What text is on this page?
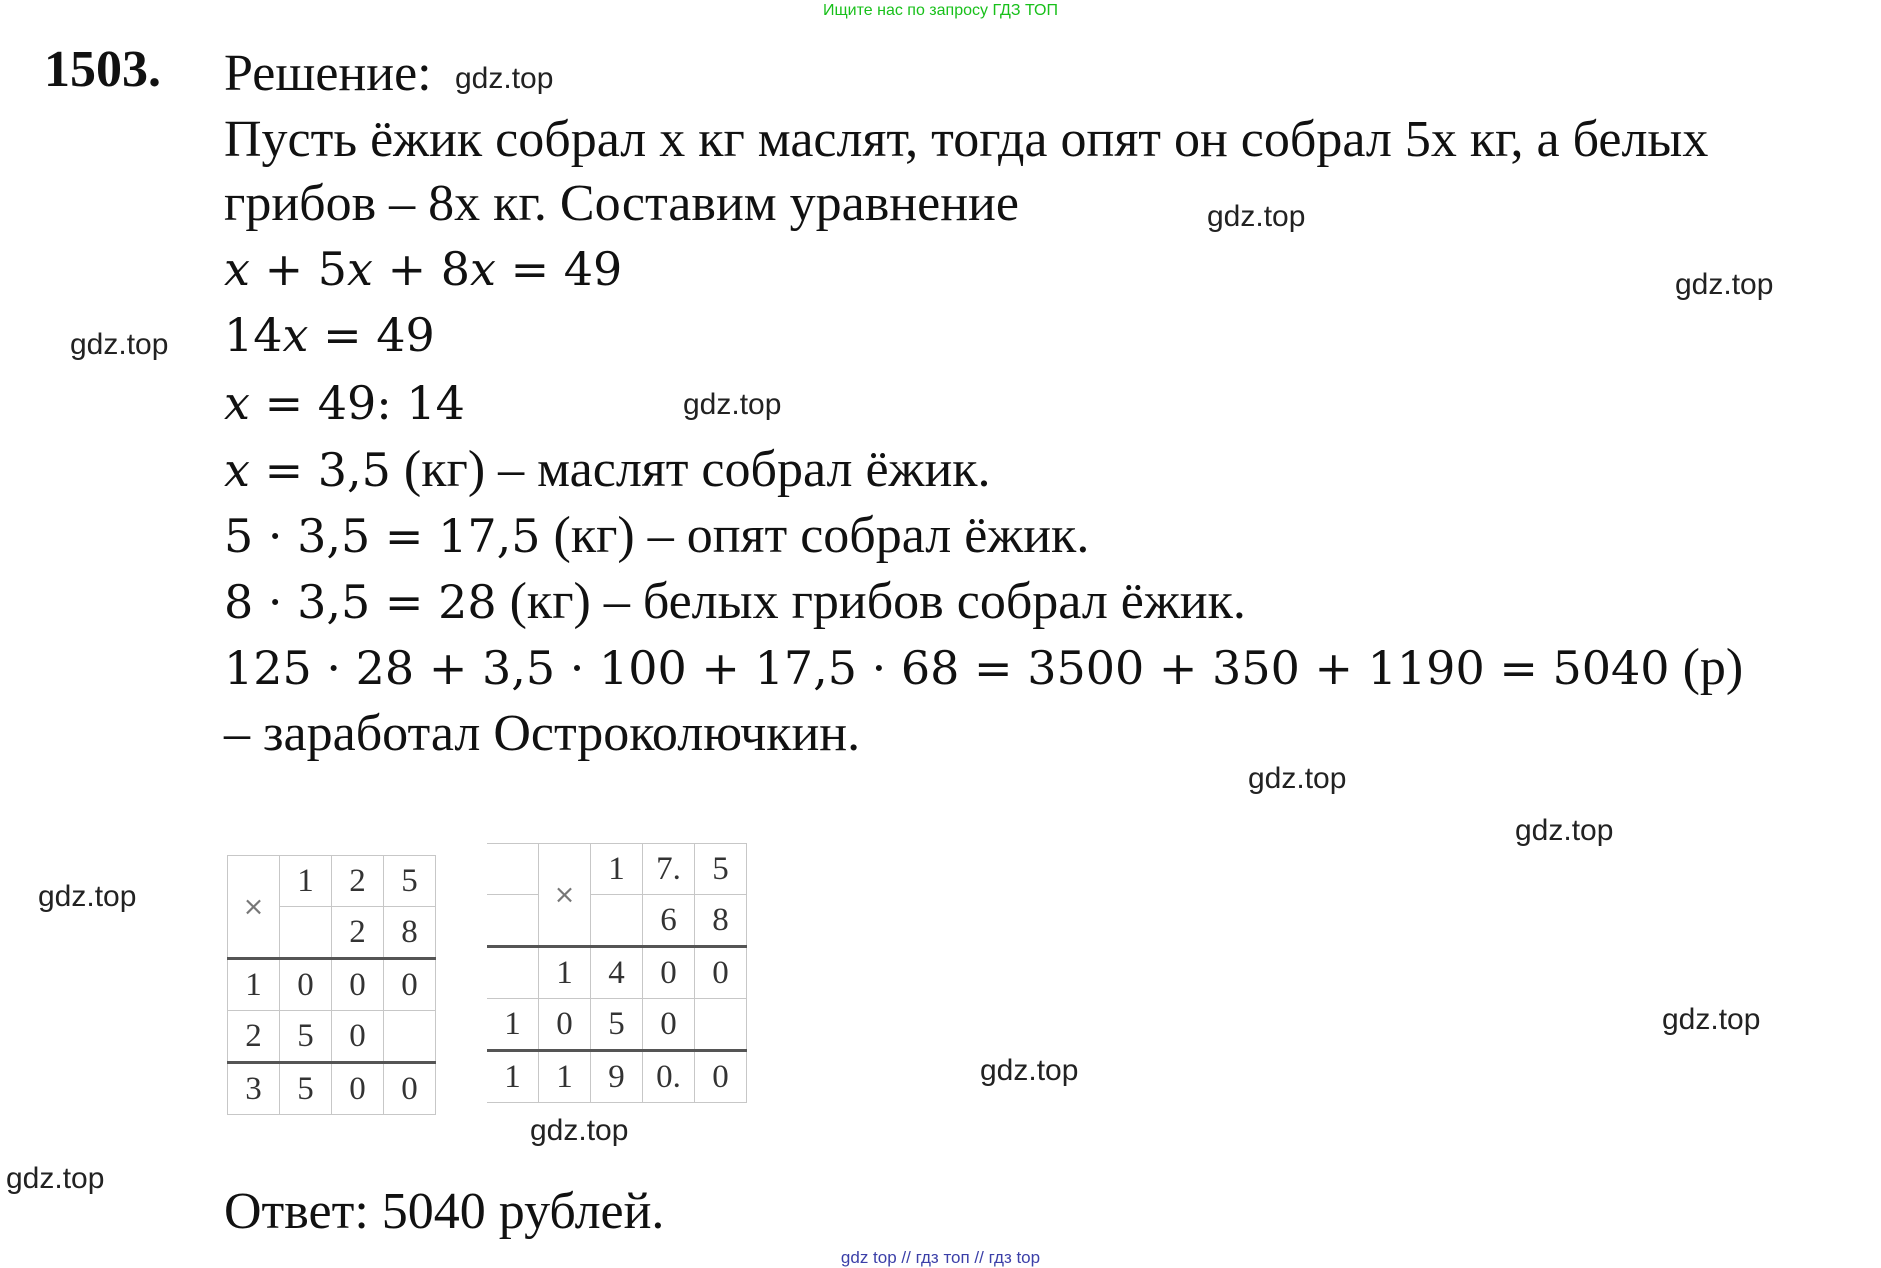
Ищите нас по запросу ГДЗ ТОП
1503. Решение: gdz.top
Пусть ёжик собрал х кг маслят, тогда опят он собрал 5х кг, а белых
грибов – 8х кг. Составим уравнение
x + 5x + 8x = 49
14x = 49
x = 49: 14
x = 3,5 (кг) – маслят собрал ёжик.
5 · 3,5 = 17,5 (кг) – опят собрал ёжик.
8 · 3,5 = 28 (кг) – белых грибов собрал ёжик.
125 · 28 + 3,5 · 100 + 17,5 · 68 = 3500 + 350 + 1190 = 5040 (р)
– заработал Остроколючкин.
gdz.top
gdz.top
gdz.top
gdz.top
gdz.top
gdz.top
gdz.top
gdz.top
gdz.top
gdz.top
gdz.top
×	1	2	5
		2	8
1	0	0	0
2	5	0	
3	5	0	0
	×	1	7.	5
			6	8
	1	4	0	0
1	0	5	0	
1	1	9	0.	0
Ответ: 5040 рублей.
gdz top // гдз топ // гдз top
